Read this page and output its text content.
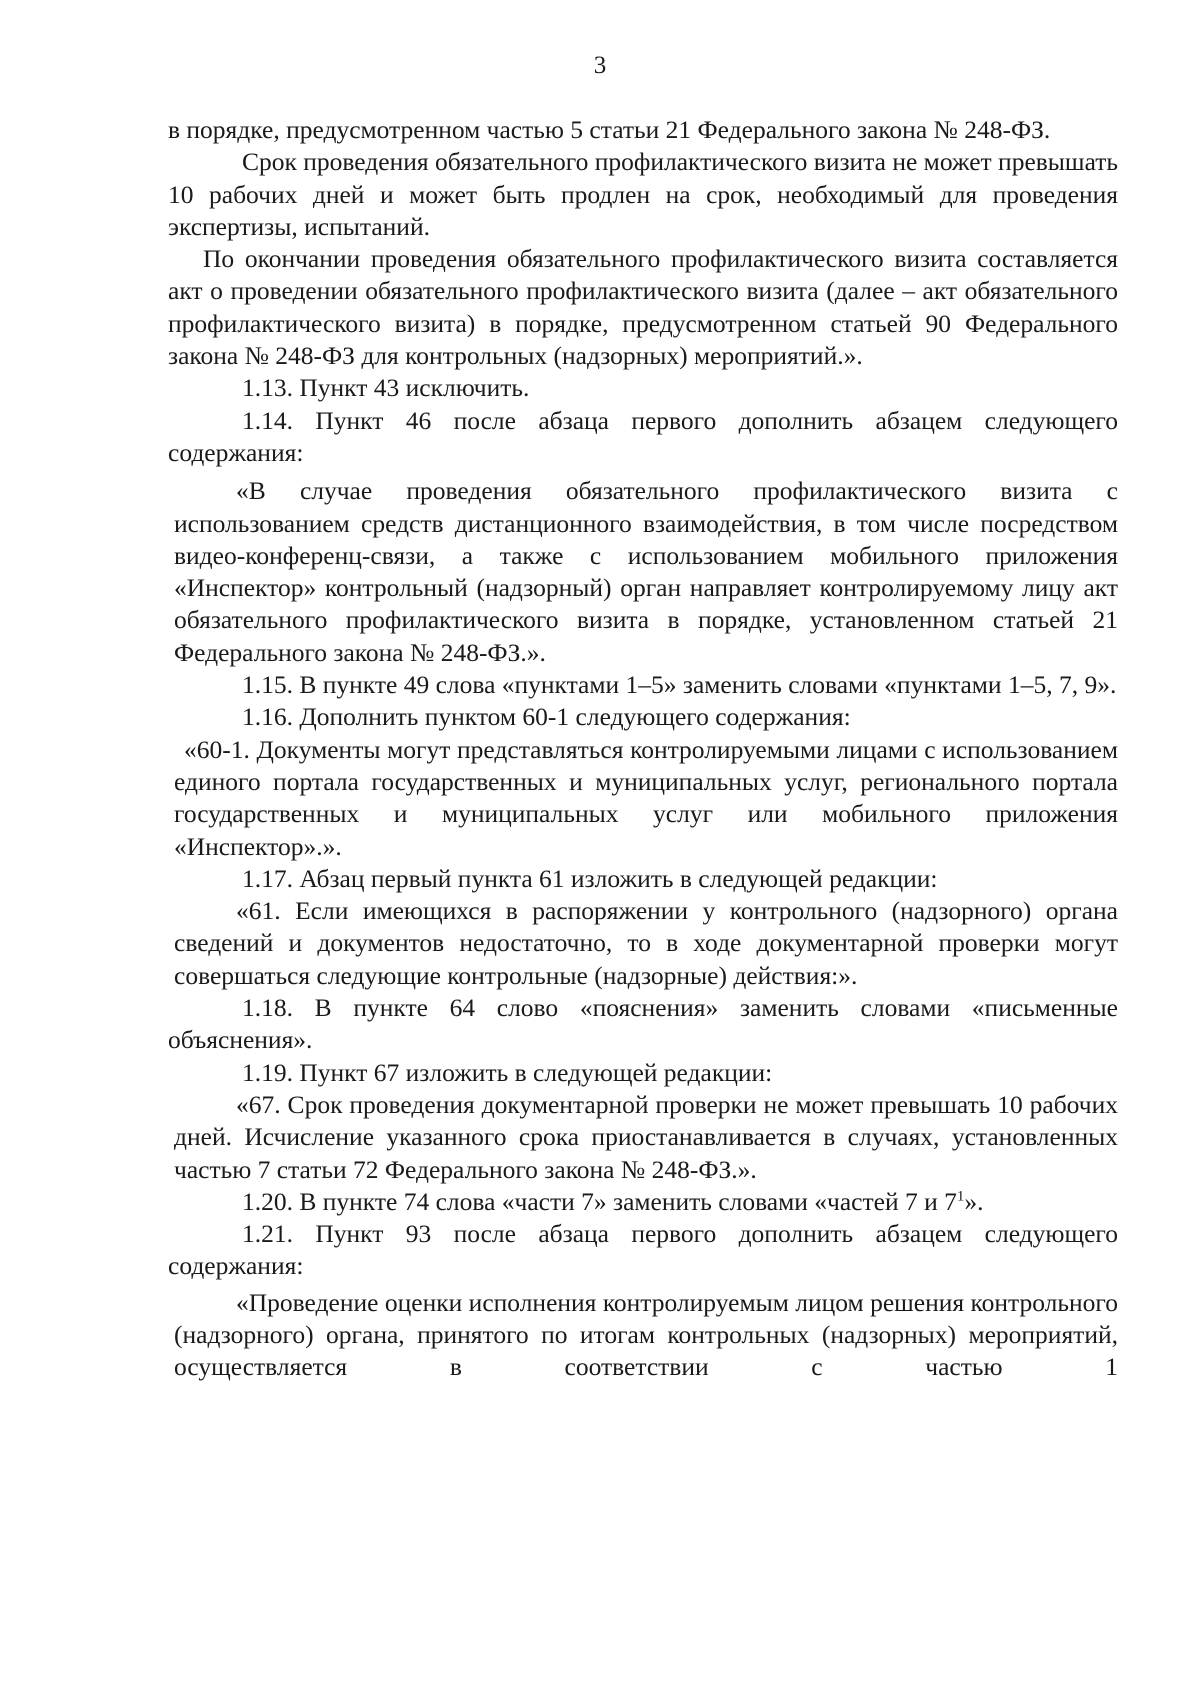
3

в порядке, предусмотренном частью 5 статьи 21 Федерального закона № 248-ФЗ.

Срок проведения обязательного профилактического визита не может превышать 10 рабочих дней и может быть продлен на срок, необходимый для проведения экспертизы, испытаний.

По окончании проведения обязательного профилактического визита составляется акт о проведении обязательного профилактического визита (далее – акт обязательного профилактического визита) в порядке, предусмотренном статьей 90 Федерального закона № 248-ФЗ для контрольных (надзорных) мероприятий.».

1.13. Пункт 43 исключить.

1.14. Пункт 46 после абзаца первого дополнить абзацем следующего содержания:

«В случае проведения обязательного профилактического визита с использованием средств дистанционного взаимодействия, в том числе посредством видео-конференц-связи, а также с использованием мобильного приложения «Инспектор» контрольный (надзорный) орган направляет контролируемому лицу акт обязательного профилактического визита в порядке, установленном статьей 21 Федерального закона № 248-ФЗ.».

1.15. В пункте 49 слова «пунктами 1–5» заменить словами «пунктами 1–5, 7, 9».

1.16. Дополнить пунктом 60-1 следующего содержания:

«60-1. Документы могут представляться контролируемыми лицами с использованием единого портала государственных и муниципальных услуг, регионального портала государственных и муниципальных услуг или мобильного приложения «Инспектор».».

1.17. Абзац первый пункта 61 изложить в следующей редакции:

«61. Если имеющихся в распоряжении у контрольного (надзорного) органа сведений и документов недостаточно, то в ходе документарной проверки могут совершаться следующие контрольные (надзорные) действия:».

1.18. В пункте 64 слово «пояснения» заменить словами «письменные объяснения».

1.19. Пункт 67 изложить в следующей редакции:

«67. Срок проведения документарной проверки не может превышать 10 рабочих дней. Исчисление указанного срока приостанавливается в случаях, установленных частью 7 статьи 72 Федерального закона № 248-ФЗ.».

1.20. В пункте 74 слова «части 7» заменить словами «частей 7 и $7^1$».

1.21. Пункт 93 после абзаца первого дополнить абзацем следующего содержания:

«Проведение оценки исполнения контролируемым лицом решения контрольного (надзорного) органа, принятого по итогам контрольных (надзорных) мероприятий, осуществляется в соответствии с частью 1
